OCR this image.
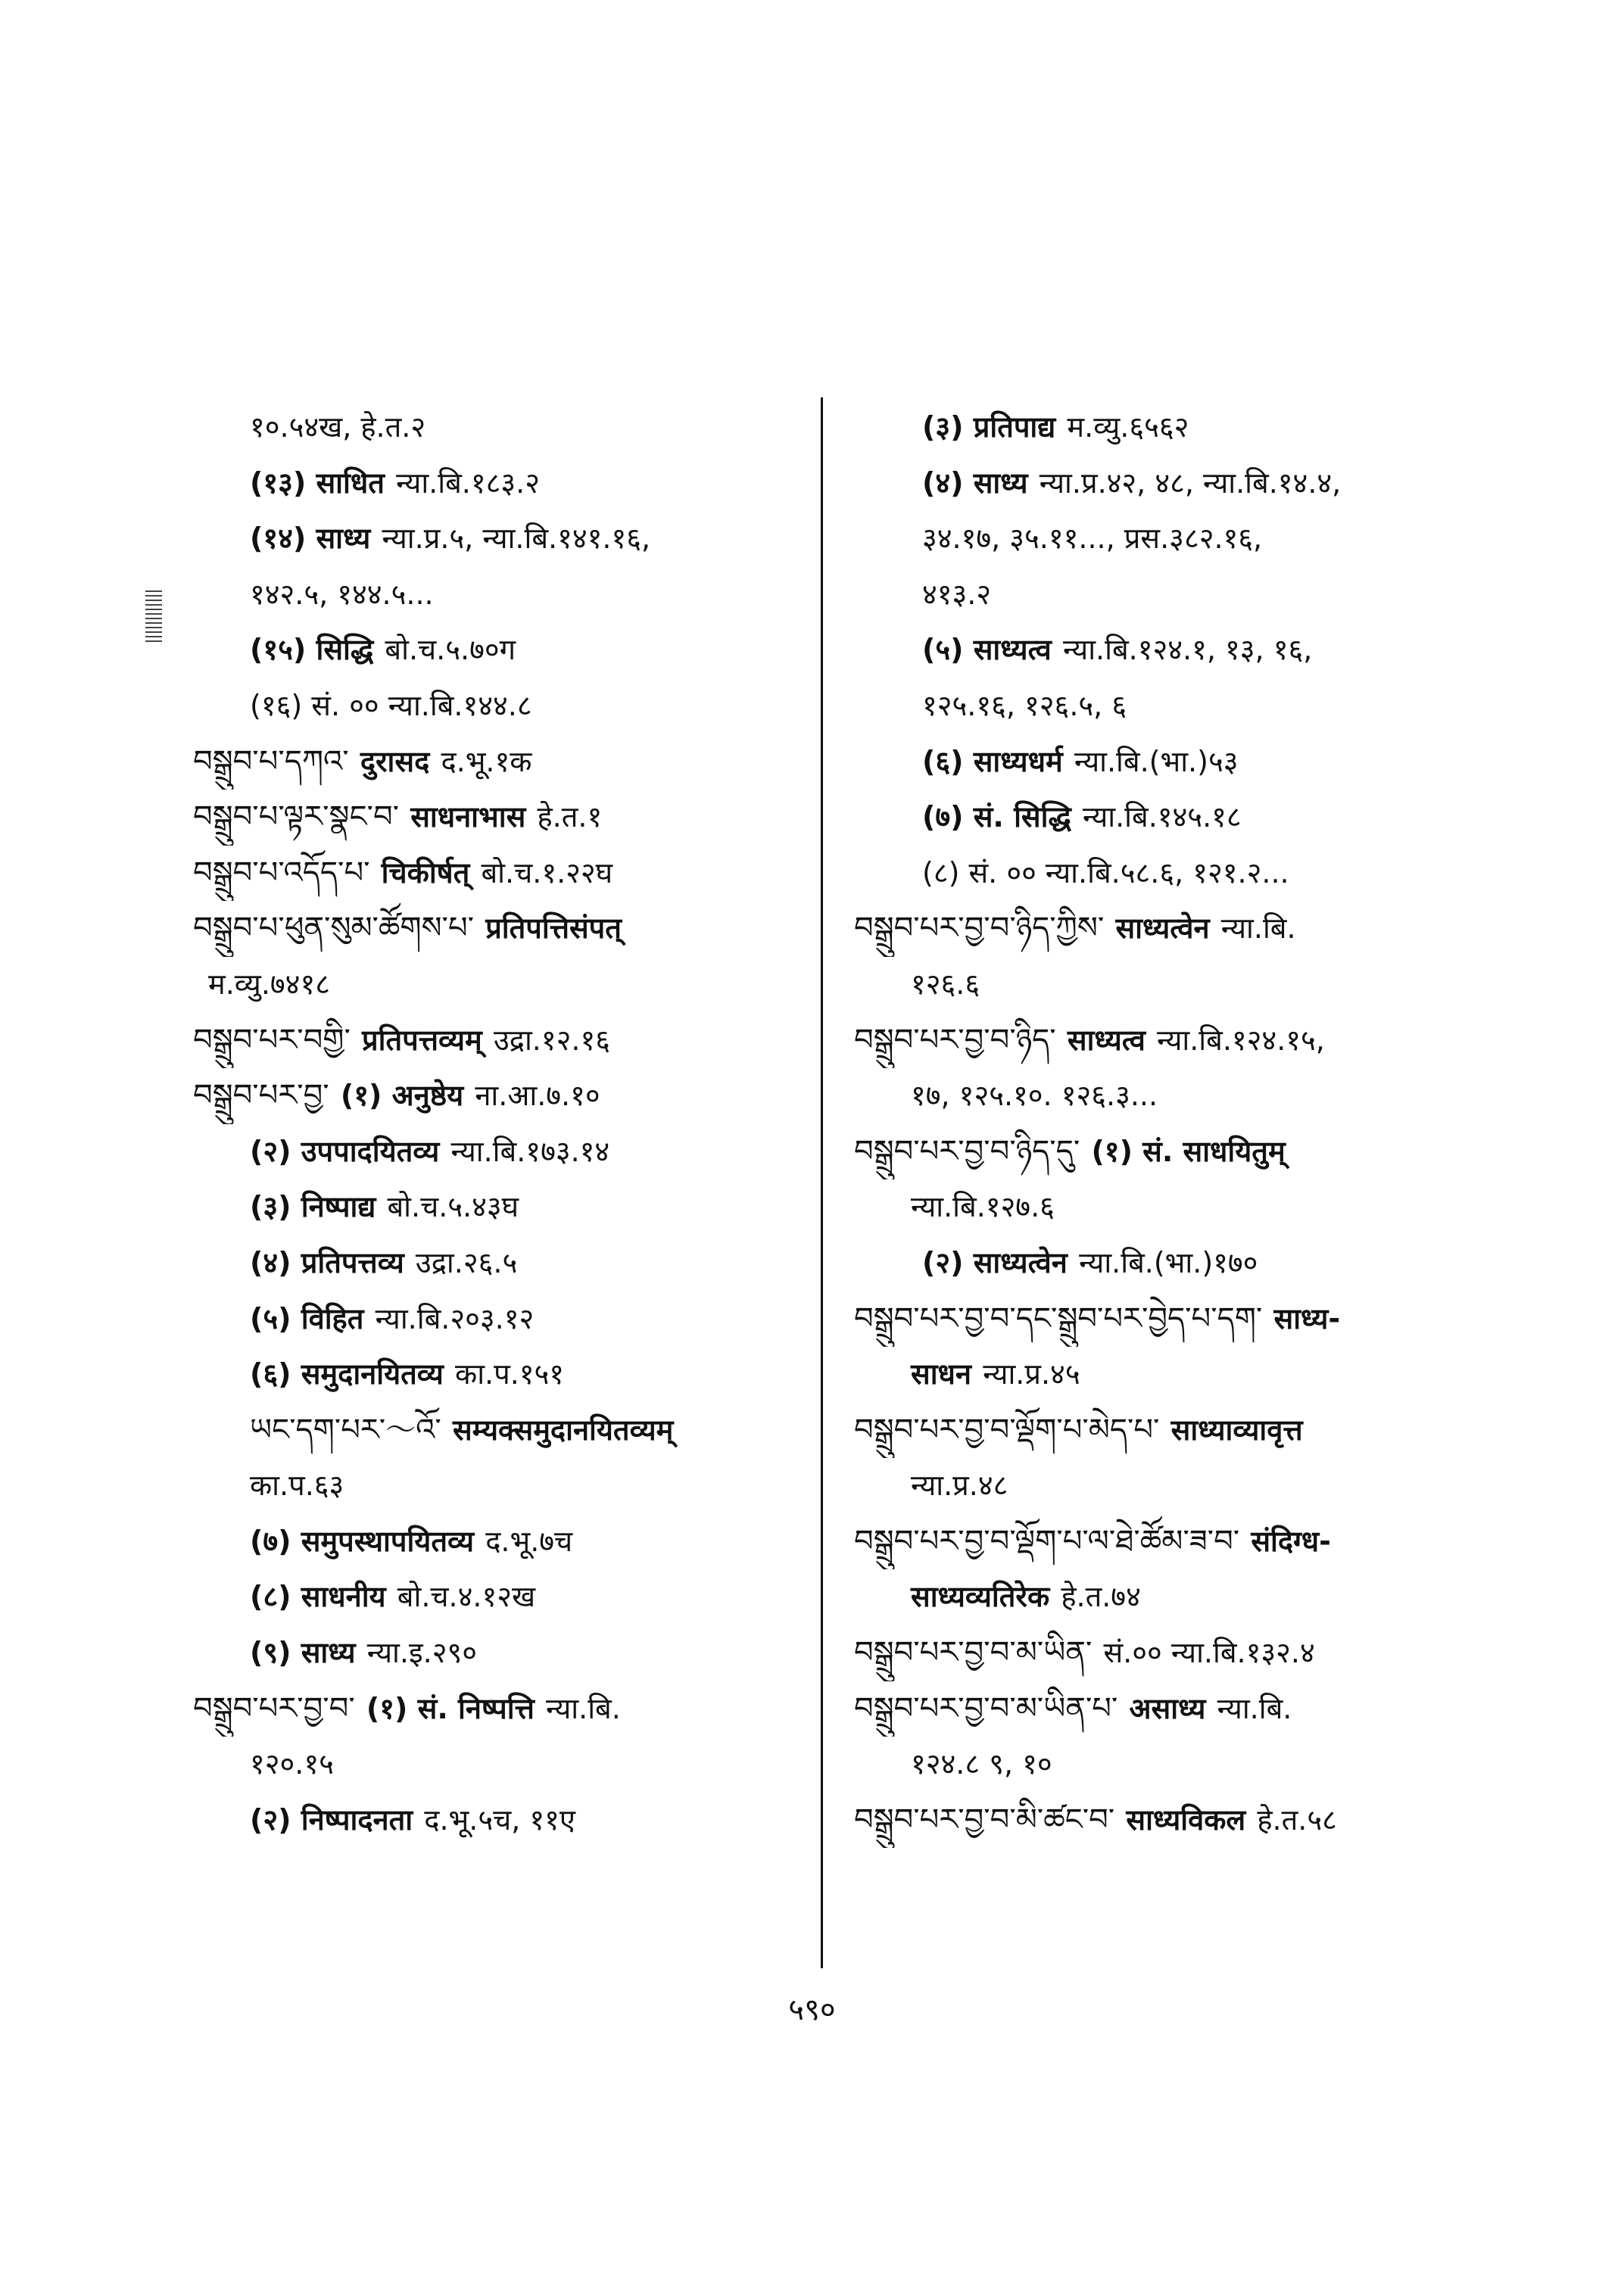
१०.५४ख, हे.त.२
(१३) साधित न्या.बि.१८३.२
(१४) साध्य न्या.प्र.५, न्या.बि.१४१.१६,
१४२.५, १४४.५...
(१५) सिद्धि बो.च.५.७०ग
(१६) सं. ०० न्या.बि.१४४.८
བསྒྲུབ་པ་དཀའ་ दुरासद द.भू.१क
བསྒྲུབ་པ་ལྟར་སྣང་བ་ साधनाभास हे.त.१
བསྒྲུབ་པ་འདོད་པ་ चिकीर्षत् बो.च.१.२२घ
བསྒྲུབ་པ་ཕུན་སུམ་ཚོགས་པ་ प्रतिपत्तिसंपत्
म.व्यु.७४१८
བསྒྲུབ་པར་བགྱི་ प्रतिपत्तव्यम् उद्रा.१२.१६
བསྒྲུབ་པར་བྱ་ (१) अनुष्ठेय ना.आ.७.१०
(२) उपपादयितव्य न्या.बि.१७३.१४
(३) निष्पाद्य बो.च.५.४३घ
(४) प्रतिपत्तव्य उद्रा.२६.५
(५) विहित न्या.बि.२०३.१२
(६) समुदानयितव्य का.प.१५१
ཡང་དག་པར་～འོ་ सम्यक्समुदानयितव्यम्
का.प.६३
(७) समुपस्थापयितव्य द.भू.७च
(८) साधनीय बो.च.४.१२ख
(९) साध्य न्या.इ.२९०
བསྒྲུབ་པར་བྱ་བ་ (१) सं. निष्पत्ति न्या.बि.
१२०.१५
(२) निष्पादनता द.भू.५च, ११ए
(३) प्रतिपाद्य म.व्यु.६५६२
(४) साध्य न्या.प्र.४२, ४८, न्या.बि.१४.४,
३४.१७, ३५.११..., प्रस.३८२.१६,
४१३.२
(५) साध्यत्व न्या.बि.१२४.१, १३, १६,
१२५.१६, १२६.५, ६
(६) साध्यधर्म न्या.बि.(भा.)५३
(७) सं. सिद्धि न्या.बि.१४५.१८
(८) सं. ०० न्या.बि.५८.६, १२१.२...
བསྒྲུབ་པར་བྱ་བ་ཉིད་ཀྱིས་ साध्यत्वेन न्या.बि.
१२६.६
བསྒྲུབ་པར་བྱ་བ་ཉིད་ साध्यत्व न्या.बि.१२४.१५,
१७, १२५.१०. १२६.३...
བསྒྲུབ་པར་བྱ་བ་ཉིད་དུ་ (१) सं. साधयितुम्
न्या.बि.१२७.६
(२) साध्यत्वेन न्या.बि.(भा.)१७०
བསྒྲུབ་པར་བྱ་བ་དང་སྒྲུབ་པར་བྱེད་པ་དག་ साध्य-
साधन न्या.प्र.४५
བསྒྲུབ་པར་བྱ་བ་ལྡོག་པ་མེད་པ་ साध्याव्यावृत्त
न्या.प्र.४८
བསྒྲུབ་པར་བྱ་བ་ལྡོག་པ་ལ་ཐེ་ཚོམ་ཟ་བ་ संदिग्ध-
साध्यव्यतिरेक हे.त.७४
བསྒྲུབ་པར་བྱ་བ་མ་ཡིན་ सं.०० न्या.बि.१३२.४
བསྒྲུབ་པར་བྱ་བ་མ་ཡིན་པ་ असाध्य न्या.बि.
१२४.८ ९, १०
བསྒྲུབ་པར་བྱ་བ་མི་ཚང་བ་ साध्यविकल हे.त.५८
५९०
